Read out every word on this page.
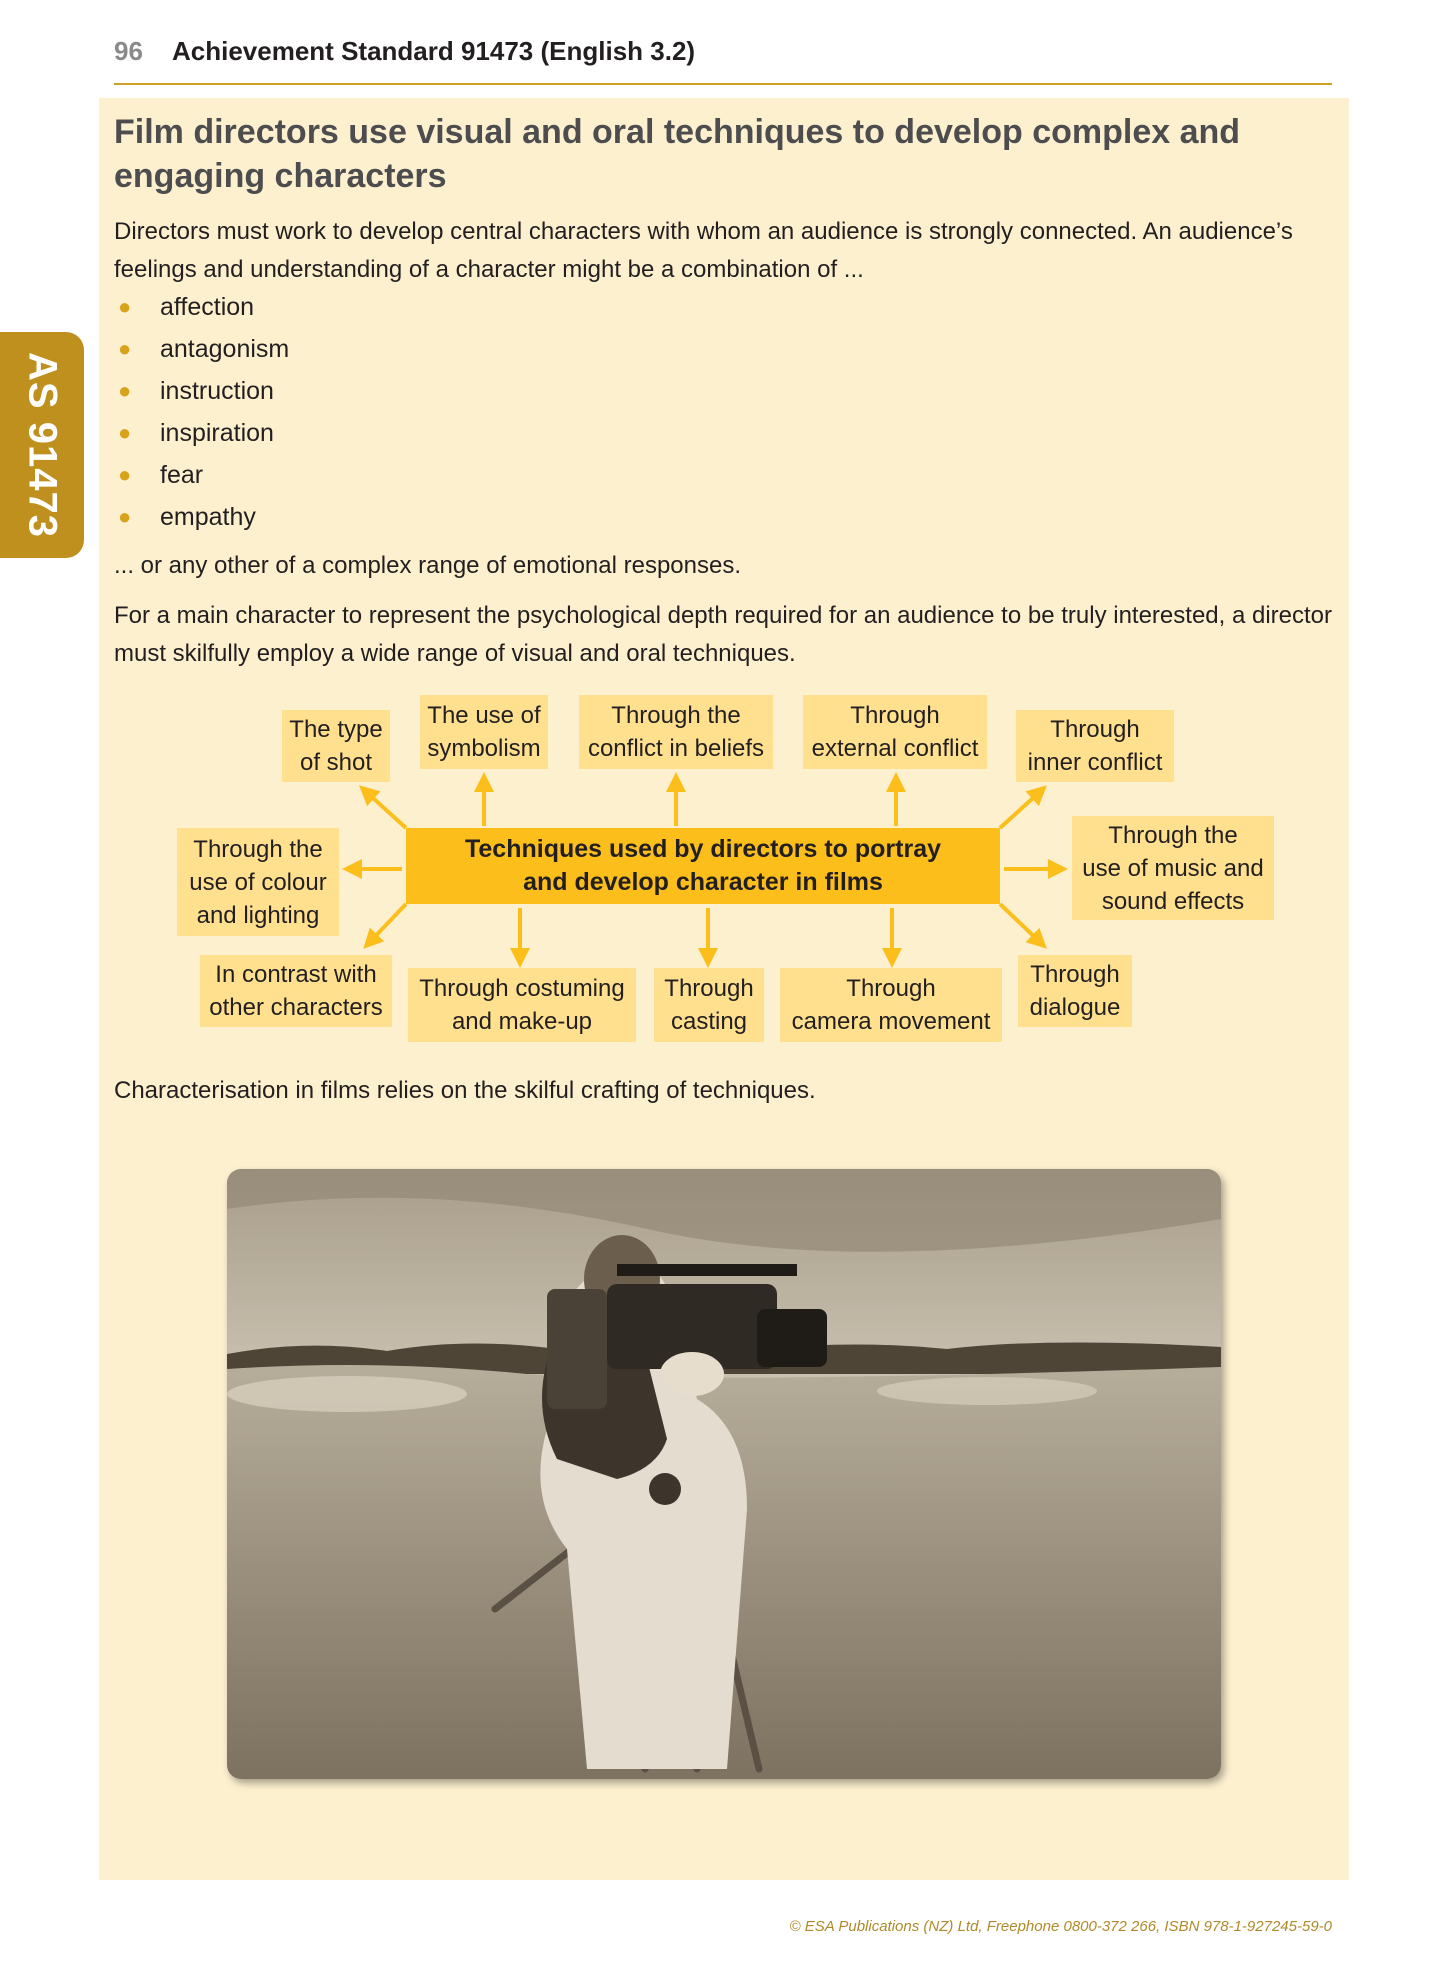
96 Achievement Standard 91473 (English 3.2)
AS 91473
Film directors use visual and oral techniques to develop complex and engaging characters

Directors must work to develop central characters with whom an audience is strongly connected. An audience’s feelings and understanding of a character might be a combination of ...

● affection
● antagonism
● instruction
● inspiration
● fear
● empathy

... or any other of a complex range of emotional responses.

For a main character to represent the psychological depth required for an audience to be truly interested, a director must skilfully employ a wide range of visual and oral techniques.

Techniques used by directors to portray
and develop character in films
The type
of shot
The use of
symbolism
Through the
conflict in beliefs
Through
external conflict
Through
inner conflict
Through the
use of colour
and lighting
Through the
use of music and
sound effects
In contrast with
other characters
Through costuming
and make-up
Through
casting
Through
camera movement
Through
dialogue

Characterisation in films relies on the skilful crafting of techniques.

© ESA Publications (NZ) Ltd, Freephone 0800-372 266, ISBN 978-1-927245-59-0
